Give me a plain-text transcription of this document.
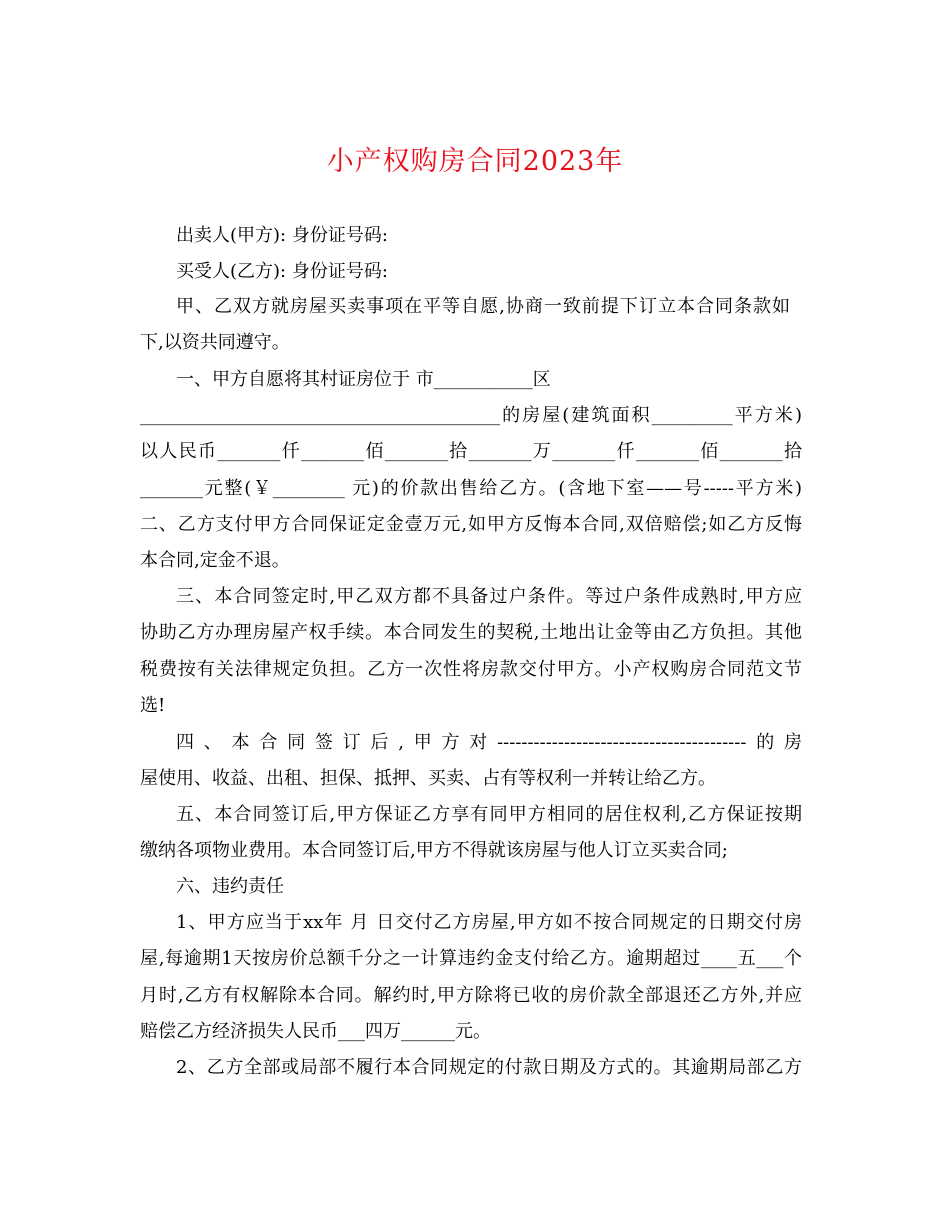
小产权购房合同2023年
出卖人(甲方): 身份证号码:
买受人(乙方): 身份证号码:
甲、乙双方就房屋买卖事项在平等自愿,协商一致前提下订立本合同条款如
下,以资共同遵守。
一、甲方自愿将其村证房位于 市___________区
________________________________________的房屋(建筑面积_________平方米)
以人民币_______仟_______佰_______拾_______万_______仟_______佰_______拾
_______元整(￥________ 元)的价款出售给乙方。(含地下室——号-----平方米)
二、乙方支付甲方合同保证定金壹万元,如甲方反悔本合同,双倍赔偿;如乙方反悔
本合同,定金不退。
三、本合同签定时,甲乙双方都不具备过户条件。等过户条件成熟时,甲方应
协助乙方办理房屋产权手续。本合同发生的契税,土地出让金等由乙方负担。其他
税费按有关法律规定负担。乙方一次性将房款交付甲方。小产权购房合同范文节
选!
四、本合同签订后,甲方对-----------------------------------------的房
屋使用、收益、出租、担保、抵押、买卖、占有等权利一并转让给乙方。
五、本合同签订后,甲方保证乙方享有同甲方相同的居住权利,乙方保证按期
缴纳各项物业费用。本合同签订后,甲方不得就该房屋与他人订立买卖合同;
六、违约责任
1、甲方应当于xx年 月 日交付乙方房屋,甲方如不按合同规定的日期交付房
屋,每逾期1天按房价总额千分之一计算违约金支付给乙方。逾期超过____五___个
月时,乙方有权解除本合同。解约时,甲方除将已收的房价款全部退还乙方外,并应
赔偿乙方经济损失人民币___四万______元。
2、乙方全部或局部不履行本合同规定的付款日期及方式的。其逾期局部乙方
